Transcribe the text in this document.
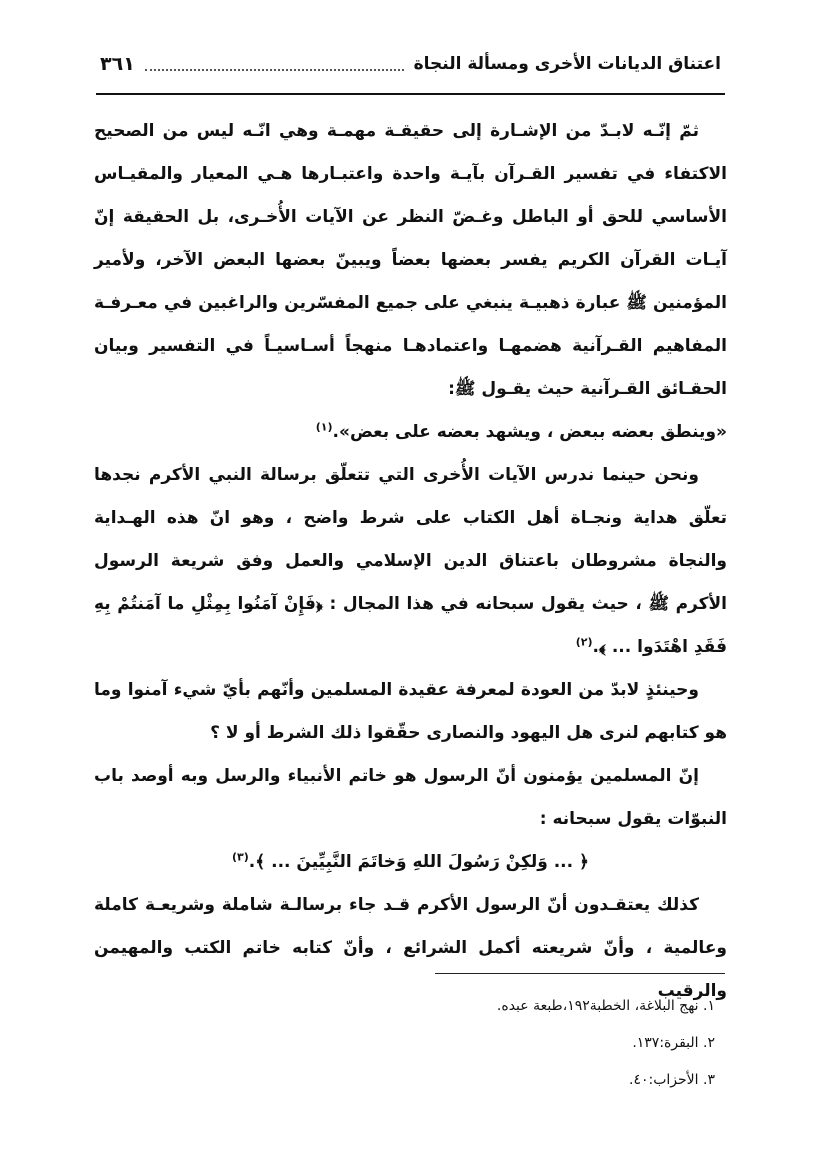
اعتناق الديانات الأخرى ومسألة النجاة
٣٦١

ثمّ إنّـه لابـدّ من الإشـارة إلى حقيقـة مهمـة وهي انّـه ليس من الصحيح الاكتفاء في تفسير القـرآن بآيـة واحدة واعتبـارها هـي المعيار والمقيـاس الأساسي للحق أو الباطل وغـضّ النظر عن الآيات الأُخـرى، بل الحقيقة إنّ آيـات القرآن الكريم يفسر بعضها بعضاً ويبينّ بعضها البعض الآخر، ولأمير المؤمنين ﷺ عبارة ذهبيـة ينبغي على جميع المفسّرين والراغبين في معـرفـة المفاهيم القـرآنية هضمهـا واعتمادهـا منهجاً أسـاسيـاً في التفسير وبيان الحقـائق القـرآنية حيث يقـول ﷺ:

«وينطق بعضه ببعض ، ويشهد بعضه على بعض».$^{(١)}$

ونحن حينما ندرس الآيات الأُخرى التي تتعلّق برسالة النبي الأكرم نجدها تعلّق هداية ونجـاة أهل الكتاب على شرط واضح ، وهو انّ هذه الهـداية والنجاة مشروطان باعتناق الدين الإسلامي والعمل وفق شريعة الرسول الأكرم ﷺ ، حيث يقول سبحانه في هذا المجال : ﴿فَإِنْ آمَنُوا بِمِثْلِ ما آمَنتُمْ بِهِ فَقَدِ اهْتَدَوا ... ﴾.$^{(٢)}$

وحينئذٍ لابدّ من العودة لمعرفة عقيدة المسلمين وأنّهم بأيّ شيء آمنوا وما هو كتابهم لنرى هل اليهود والنصارى حقّقوا ذلك الشرط أو لا ؟

إنّ المسلمين يؤمنون أنّ الرسول هو خاتم الأنبياء والرسل وبه أوصد باب النبوّات يقول سبحانه :

﴿ ... وَلكِنْ رَسُولَ اللهِ وَخاتَمَ النَّبِيِّينَ ... ﴾.$^{(٣)}$

كذلك يعتقـدون أنّ الرسول الأكرم قـد جاء برسالـة شاملة وشريعـة كاملة وعالمية ، وأنّ شريعته أكمل الشرائع ، وأنّ كتابه خاتم الكتب والمهيمن والرقيب

١. نهج البلاغة، الخطبة١٩٢،طبعة عبده.

٢. البقرة:١٣٧.

٣. الأحزاب:٤٠.
